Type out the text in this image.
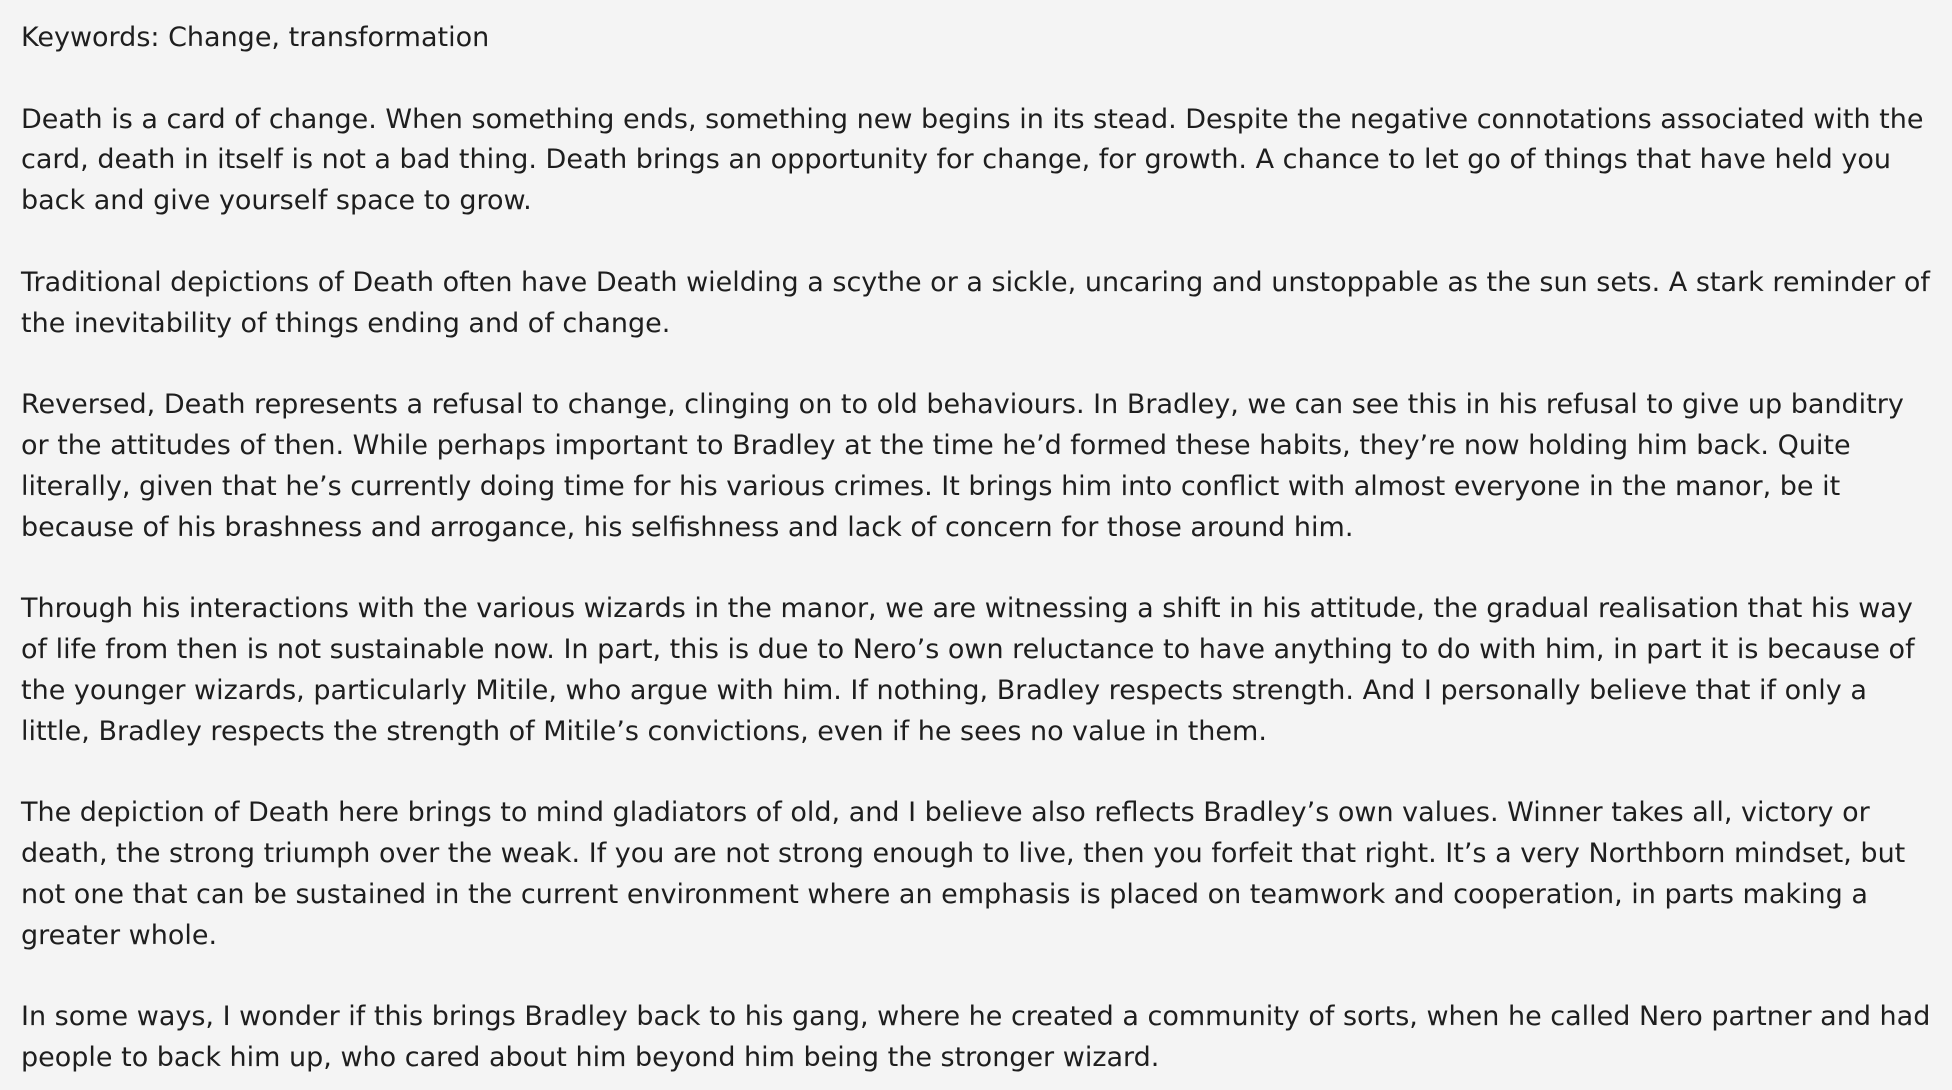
Keywords: Change, transformation

Death is a card of change. When something ends, something new begins in its stead. Despite the negative connotations associated with the card, death in itself is not a bad thing. Death brings an opportunity for change, for growth. A chance to let go of things that have held you back and give yourself space to grow.

Traditional depictions of Death often have Death wielding a scythe or a sickle, uncaring and unstoppable as the sun sets. A stark reminder of the inevitability of things ending and of change.

Reversed, Death represents a refusal to change, clinging on to old behaviours. In Bradley, we can see this in his refusal to give up banditry or the attitudes of then. While perhaps important to Bradley at the time he’d formed these habits, they’re now holding him back. Quite literally, given that he’s currently doing time for his various crimes. It brings him into conflict with almost everyone in the manor, be it because of his brashness and arrogance, his selfishness and lack of concern for those around him.

Through his interactions with the various wizards in the manor, we are witnessing a shift in his attitude, the gradual realisation that his way of life from then is not sustainable now. In part, this is due to Nero’s own reluctance to have anything to do with him, in part it is because of the younger wizards, particularly Mitile, who argue with him. If nothing, Bradley respects strength. And I personally believe that if only a little, Bradley respects the strength of Mitile’s convictions, even if he sees no value in them.

The depiction of Death here brings to mind gladiators of old, and I believe also reflects Bradley’s own values. Winner takes all, victory or death, the strong triumph over the weak. If you are not strong enough to live, then you forfeit that right. It’s a very Northborn mindset, but not one that can be sustained in the current environment where an emphasis is placed on teamwork and cooperation, in parts making a greater whole.

In some ways, I wonder if this brings Bradley back to his gang, where he created a community of sorts, when he called Nero partner and had people to back him up, who cared about him beyond him being the stronger wizard.
